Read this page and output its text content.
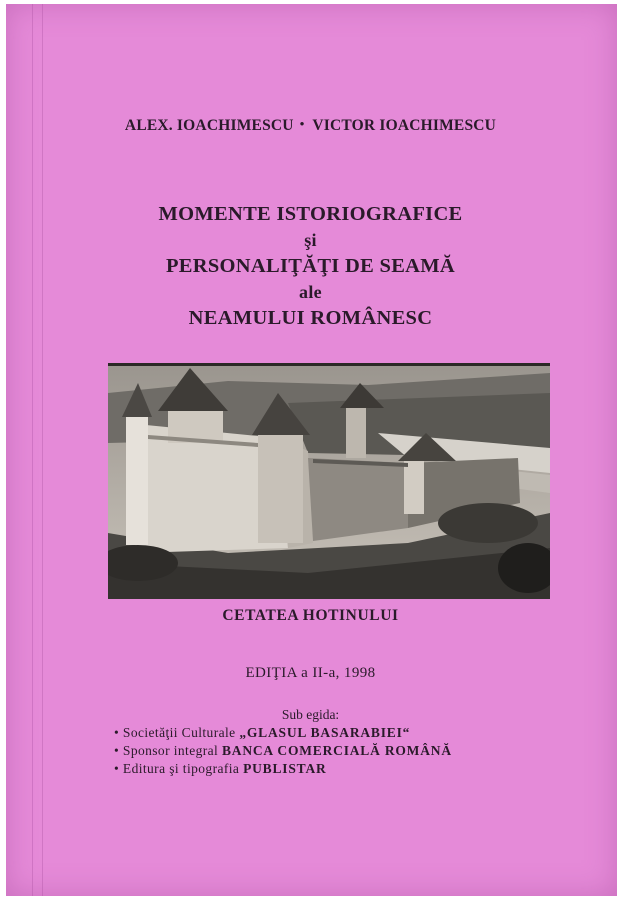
ALEX. IOACHIMESCU • VICTOR IOACHIMESCU
MOMENTE ISTORIOGRAFICE
şi
PERSONALIŢĂŢI DE SEAMĂ
ale
NEAMULUI ROMÂNESC
CETATEA HOTINULUI
EDIŢIA a II-a, 1998
Sub egida:
• Societăţii Culturale „GLASUL BASARABIEI“
• Sponsor integral BANCA COMERCIALĂ ROMÂNĂ
• Editura şi tipografia PUBLISTAR
